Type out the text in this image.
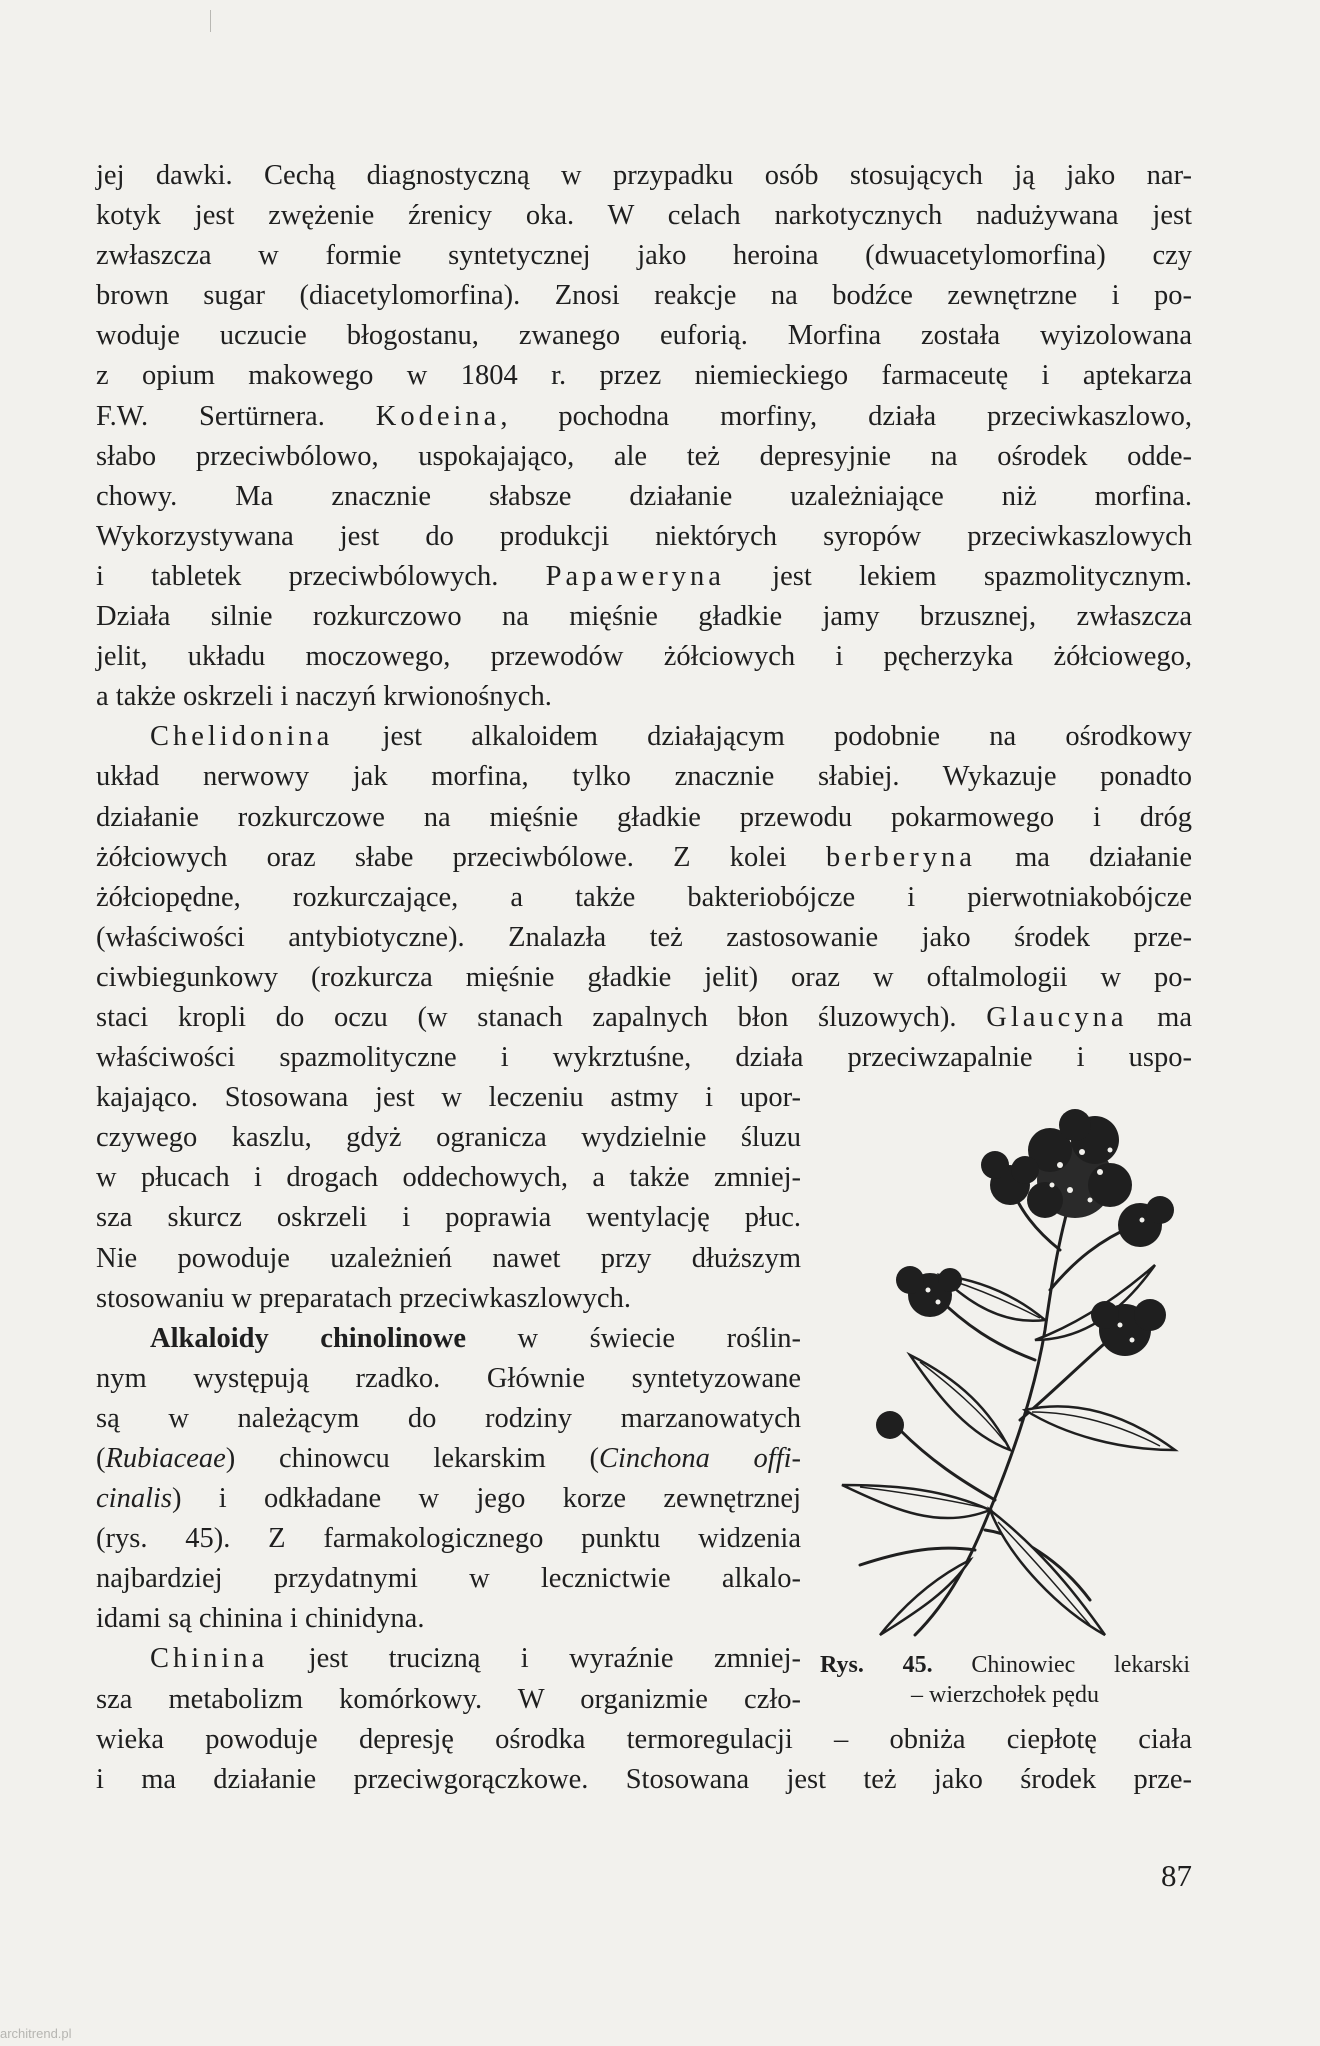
jej dawki. Cechą diagnostyczną w przypadku osób stosujących ją jako nar-
kotyk jest zwężenie źrenicy oka. W celach narkotycznych nadużywana jest
zwłaszcza w formie syntetycznej jako heroina (dwuacetylomorfina) czy
brown sugar (diacetylomorfina). Znosi reakcje na bodźce zewnętrzne i po-
woduje uczucie błogostanu, zwanego euforią. Morfina została wyizolowana
z opium makowego w 1804 r. przez niemieckiego farmaceutę i aptekarza
F.W. Sertürnera. Kodeina, pochodna morfiny, działa przeciwkaszlowo,
słabo przeciwbólowo, uspokajająco, ale też depresyjnie na ośrodek odde-
chowy. Ma znacznie słabsze działanie uzależniające niż morfina.
Wykorzystywana jest do produkcji niektórych syropów przeciwkaszlowych
i tabletek przeciwbólowych. Papaweryna jest lekiem spazmolitycznym.
Działa silnie rozkurczowo na mięśnie gładkie jamy brzusznej, zwłaszcza
jelit, układu moczowego, przewodów żółciowych i pęcherzyka żółciowego,
a także oskrzeli i naczyń krwionośnych.
Chelidonina jest alkaloidem działającym podobnie na ośrodkowy
układ nerwowy jak morfina, tylko znacznie słabiej. Wykazuje ponadto
działanie rozkurczowe na mięśnie gładkie przewodu pokarmowego i dróg
żółciowych oraz słabe przeciwbólowe. Z kolei berberyna ma działanie
żółciopędne, rozkurczające, a także bakteriobójcze i pierwotniakobójcze
(właściwości antybiotyczne). Znalazła też zastosowanie jako środek prze-
ciwbiegunkowy (rozkurcza mięśnie gładkie jelit) oraz w oftalmologii w po-
staci kropli do oczu (w stanach zapalnych błon śluzowych). Glaucyna ma
właściwości spazmolityczne i wykrztuśne, działa przeciwzapalnie i uspo-
kajająco. Stosowana jest w leczeniu astmy i upor-
czywego kaszlu, gdyż ogranicza wydzielnie śluzu
w płucach i drogach oddechowych, a także zmniej-
sza skurcz oskrzeli i poprawia wentylację płuc.
Nie powoduje uzależnień nawet przy dłuższym
stosowaniu w preparatach przeciwkaszlowych.
Alkaloidy chinolinowe w świecie roślin-
nym występują rzadko. Głównie syntetyzowane
są w należącym do rodziny marzanowatych
(Rubiaceae) chinowcu lekarskim (Cinchona offi-
cinalis) i odkładane w jego korze zewnętrznej
(rys. 45). Z farmakologicznego punktu widzenia
najbardziej przydatnymi w lecznictwie alkalo-
idami są chinina i chinidyna.
Chinina jest trucizną i wyraźnie zmniej-
sza metabolizm komórkowy. W organizmie czło-
wieka powoduje depresję ośrodka termoregulacji – obniża ciepłotę ciała
i ma działanie przeciwgorączkowe. Stosowana jest też jako środek prze-
Rys. 45. Chinowiec lekarski
– wierzchołek pędu
87
architrend.pl
